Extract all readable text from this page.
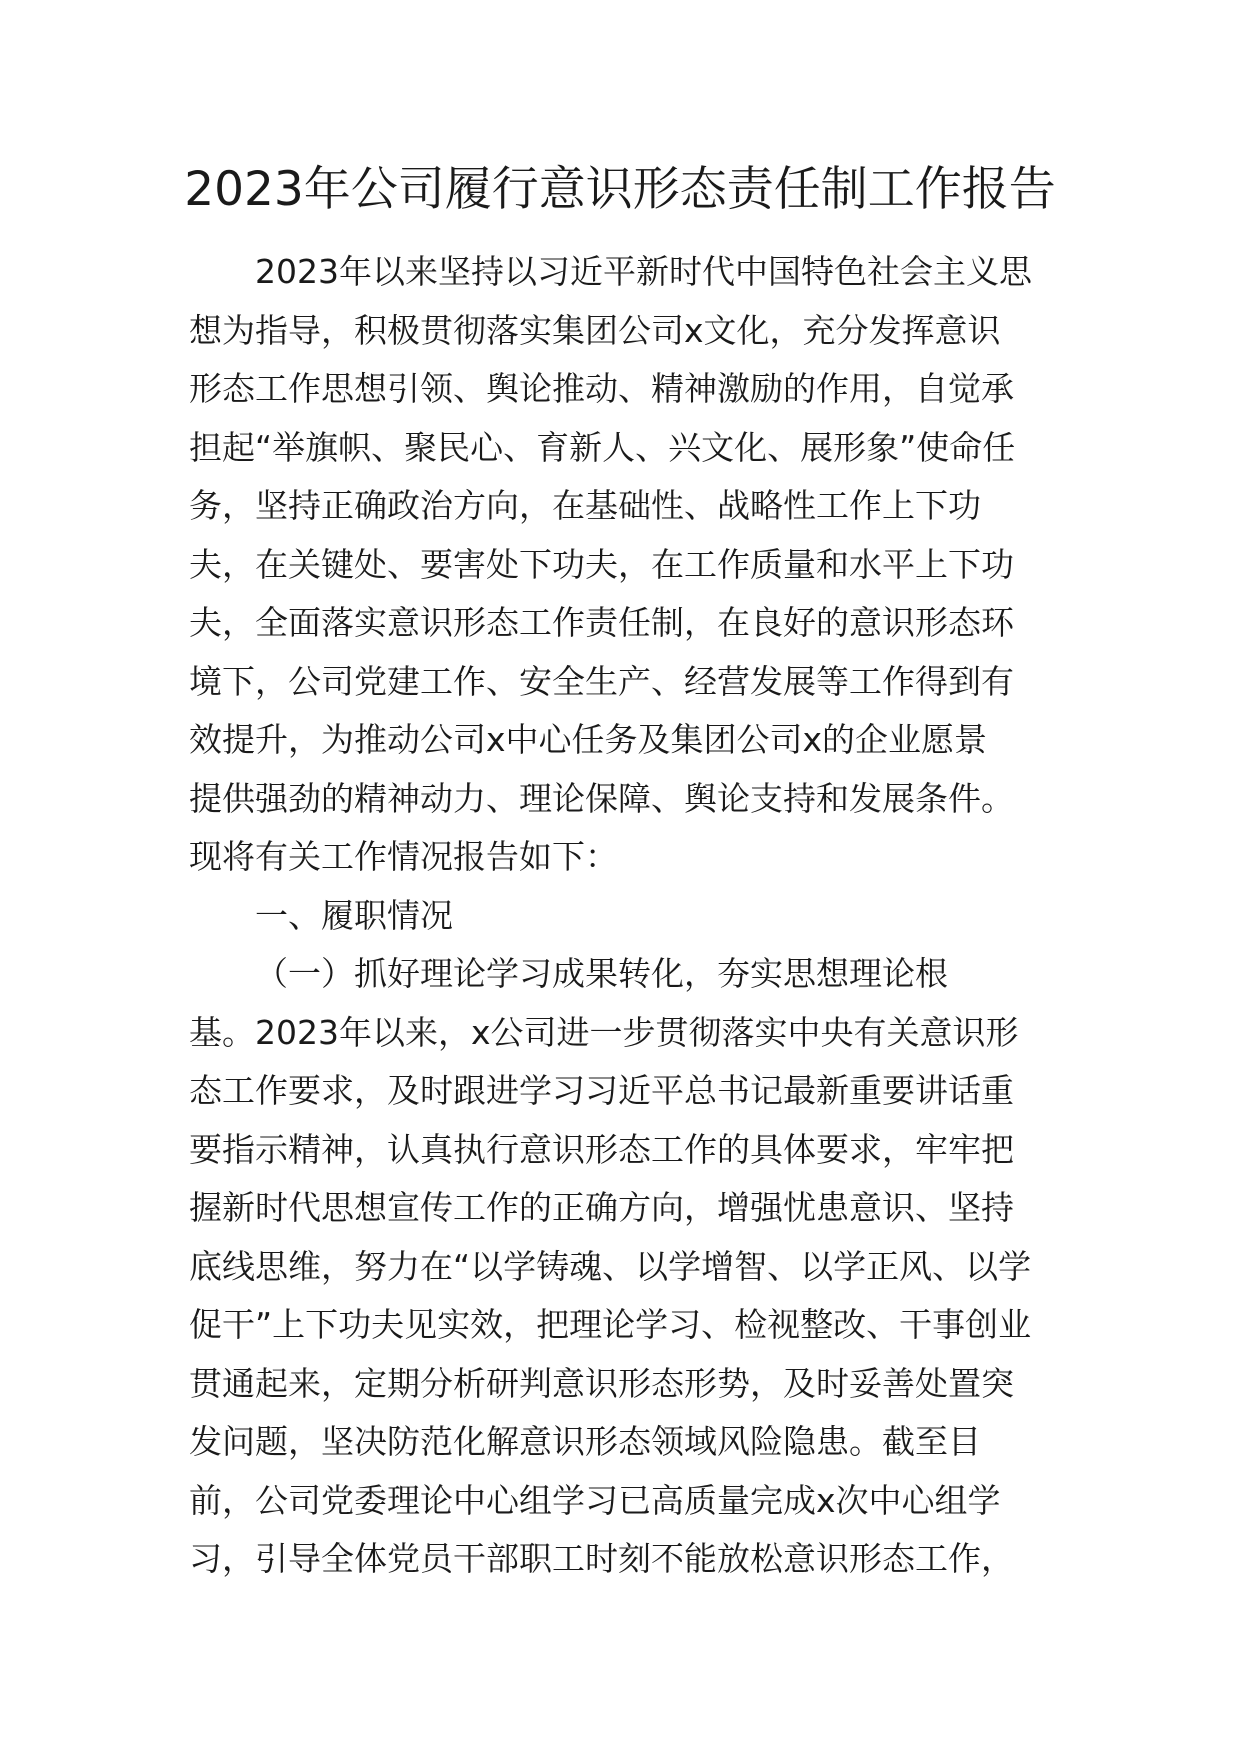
2023年公司履行意识形态责任制工作报告
2023年以来坚持以习近平新时代中国特色社会主义思
想为指导，积极贯彻落实集团公司x文化，充分发挥意识
形态工作思想引领、舆论推动、精神激励的作用，自觉承
担起“举旗帜、聚民心、育新人、兴文化、展形象”使命任
务，坚持正确政治方向，在基础性、战略性工作上下功
夫，在关键处、要害处下功夫，在工作质量和水平上下功
夫，全面落实意识形态工作责任制，在良好的意识形态环
境下，公司党建工作、安全生产、经营发展等工作得到有
效提升，为推动公司x中心任务及集团公司x的企业愿景
提供强劲的精神动力、理论保障、舆论支持和发展条件。
现将有关工作情况报告如下：
一、履职情况
（一）抓好理论学习成果转化，夯实思想理论根
基。2023年以来，x公司进一步贯彻落实中央有关意识形
态工作要求，及时跟进学习习近平总书记最新重要讲话重
要指示精神，认真执行意识形态工作的具体要求，牢牢把
握新时代思想宣传工作的正确方向，增强忧患意识、坚持
底线思维，努力在“以学铸魂、以学增智、以学正风、以学
促干”上下功夫见实效，把理论学习、检视整改、干事创业
贯通起来，定期分析研判意识形态形势，及时妥善处置突
发问题，坚决防范化解意识形态领域风险隐患。截至目
前，公司党委理论中心组学习已高质量完成x次中心组学
习，引导全体党员干部职工时刻不能放松意识形态工作，
